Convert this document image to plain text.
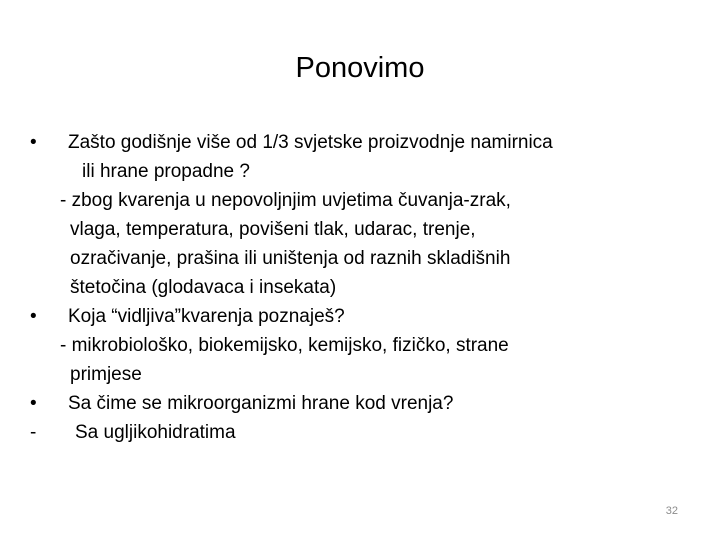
Ponovimo
• Zašto godišnje više od 1/3 svjetske proizvodnje namirnica
ili hrane propadne ?
- zbog kvarenja u nepovoljnjim uvjetima čuvanja-zrak,
vlaga, temperatura, povišeni tlak, udarac, trenje,
ozračivanje, prašina ili uništenja od raznih skladišnih
štetočina (glodavaca i insekata)
• Koja “vidljiva”kvarenja poznaješ?
- mikrobiološko, biokemijsko, kemijsko, fizičko, strane
primjese
• Sa čime se mikroorganizmi hrane kod vrenja?
- Sa ugljikohidratima
32
